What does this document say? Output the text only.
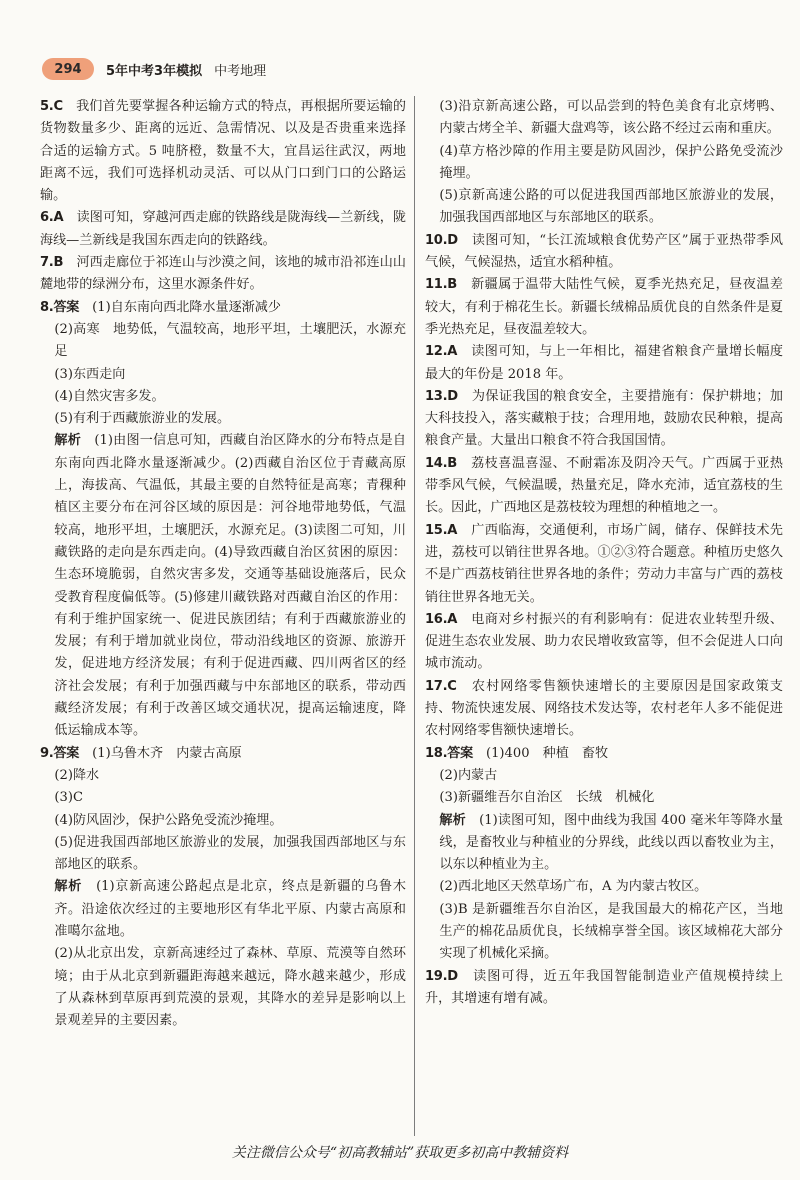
294	5年中考3年模拟 中考地理

5.C　 我们首先要掌握各种运输方式的特点，再根据所要运输的货物数量多少、距离的远近、急需情况、以及是否贵重来选择合适的运输方式。5 吨脐橙，数量不大，宜昌运往武汉，两地距离不远，我们可选择机动灵活、可以从门口到门口的公路运输。

6.A　 读图可知，穿越河西走廊的铁路线是陇海线—兰新线，陇海线—兰新线是我国东西走向的铁路线。

7.B　 河西走廊位于祁连山与沙漠之间，该地的城市沿祁连山山麓地带的绿洲分布，这里水源条件好。

8.答案　 (1)自东南向西北降水量逐渐减少

(2)高寒　地势低，气温较高，地形平坦，土壤肥沃，水源充足

(3)东西走向

(4)自然灾害多发。

(5)有利于西藏旅游业的发展。

解析　 (1)由图一信息可知，西藏自治区降水的分布特点是自东南向西北降水量逐渐减少。(2)西藏自治区位于青藏高原上，海拔高、气温低，其最主要的自然特征是高寒；青稞种植区主要分布在河谷区域的原因是：河谷地带地势低，气温较高，地形平坦，土壤肥沃，水源充足。(3)读图二可知，川藏铁路的走向是东西走向。(4)导致西藏自治区贫困的原因：生态环境脆弱，自然灾害多发，交通等基础设施落后，民众受教育程度偏低等。(5)修建川藏铁路对西藏自治区的作用：有利于维护国家统一、促进民族团结；有利于西藏旅游业的发展；有利于增加就业岗位，带动沿线地区的资源、旅游开发，促进地方经济发展；有利于促进西藏、四川两省区的经济社会发展；有利于加强西藏与中东部地区的联系，带动西藏经济发展；有利于改善区域交通状况，提高运输速度，降低运输成本等。

9.答案　 (1)乌鲁木齐　内蒙古高原

(2)降水

(3)C

(4)防风固沙，保护公路免受流沙掩埋。

(5)促进我国西部地区旅游业的发展，加强我国西部地区与东部地区的联系。

解析　 (1)京新高速公路起点是北京，终点是新疆的乌鲁木齐。沿途依次经过的主要地形区有华北平原、内蒙古高原和准噶尔盆地。

(2)从北京出发，京新高速经过了森林、草原、荒漠等自然环境；由于从北京到新疆距海越来越远，降水越来越少，形成了从森林到草原再到荒漠的景观，其降水的差异是影响以上景观差异的主要因素。

(3)沿京新高速公路，可以品尝到的特色美食有北京烤鸭、内蒙古烤全羊、新疆大盘鸡等，该公路不经过云南和重庆。

(4)草方格沙障的作用主要是防风固沙，保护公路免受流沙掩埋。

(5)京新高速公路的可以促进我国西部地区旅游业的发展，加强我国西部地区与东部地区的联系。

10.D　 读图可知，“长江流域粮食优势产区”属于亚热带季风气候，气候湿热，适宜水稻种植。

11.B　 新疆属于温带大陆性气候，夏季光热充足，昼夜温差较大，有利于棉花生长。新疆长绒棉品质优良的自然条件是夏季光热充足，昼夜温差较大。

12.A　 读图可知，与上一年相比，福建省粮食产量增长幅度最大的年份是 2018 年。

13.D　 为保证我国的粮食安全，主要措施有：保护耕地；加大科技投入，落实藏粮于技；合理用地，鼓励农民种粮，提高粮食产量。大量出口粮食不符合我国国情。

14.B　 荔枝喜温喜湿、不耐霜冻及阴冷天气。广西属于亚热带季风气候，气候温暖，热量充足，降水充沛，适宜荔枝的生长。因此，广西地区是荔枝较为理想的种植地之一。

15.A　 广西临海，交通便利，市场广阔，储存、保鲜技术先进，荔枝可以销往世界各地。①②③符合题意。种植历史悠久不是广西荔枝销往世界各地的条件；劳动力丰富与广西的荔枝销往世界各地无关。

16.A　 电商对乡村振兴的有利影响有：促进农业转型升级、促进生态农业发展、助力农民增收致富等，但不会促进人口向城市流动。

17.C　 农村网络零售额快速增长的主要原因是国家政策支持、物流快速发展、网络技术发达等，农村老年人多不能促进农村网络零售额快速增长。

18.答案　 (1)400　种植　畜牧

(2)内蒙古

(3)新疆维吾尔自治区　长绒　机械化

解析　 (1)读图可知，图中曲线为我国 400 毫米年等降水量线，是畜牧业与种植业的分界线，此线以西以畜牧业为主，以东以种植业为主。

(2)西北地区天然草场广布，A 为内蒙古牧区。

(3)B 是新疆维吾尔自治区，是我国最大的棉花产区，当地生产的棉花品质优良，长绒棉享誉全国。该区域棉花大部分实现了机械化采摘。

19.D　 读图可得，近五年我国智能制造业产值规模持续上升，其增速有增有减。

关注微信公众号“初高教辅站”获取更多初高中教辅资料
